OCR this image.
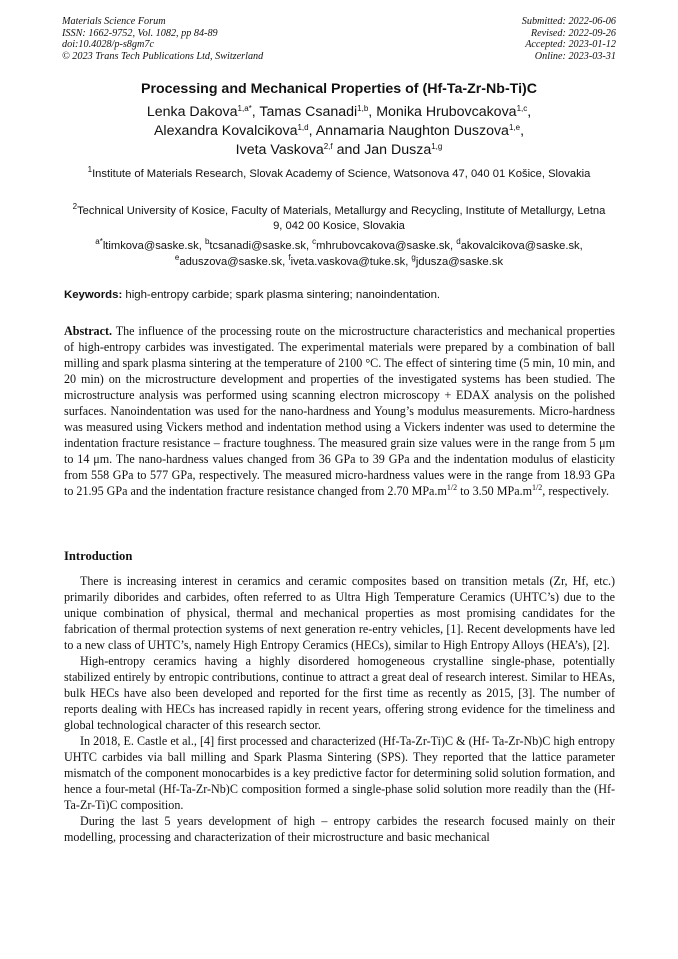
Materials Science Forum
ISSN: 1662-9752, Vol. 1082, pp 84-89
doi:10.4028/p-s8gm7c
© 2023 Trans Tech Publications Ltd, Switzerland
Submitted: 2022-06-06
Revised: 2022-09-26
Accepted: 2023-01-12
Online: 2023-03-31
Processing and Mechanical Properties of (Hf-Ta-Zr-Nb-Ti)C
Lenka Dakova$^{1,a*}$, Tamas Csanadi$^{1,b}$, Monika Hrubovcakova$^{1,c}$,
Alexandra Kovalcikova$^{1,d}$, Annamaria Naughton Duszova$^{1,e}$,
Iveta Vaskova$^{2,f}$ and Jan Dusza$^{1,g}$
$^1$Institute of Materials Research, Slovak Academy of Science, Watsonova 47, 040 01 Košice, Slovakia
$^2$Technical University of Kosice, Faculty of Materials, Metallurgy and Recycling, Institute of Metallurgy, Letna 9, 042 00 Kosice, Slovakia
$^{a*}$ltimkova@saske.sk, $^b$tcsanadi@saske.sk, $^c$mhrubovcakova@saske.sk, $^d$akovalcikova@saske.sk,
$^e$aduszova@saske.sk, $^f$iveta.vaskova@tuke.sk, $^g$jdusza@saske.sk
Keywords: high-entropy carbide; spark plasma sintering; nanoindentation.
Abstract. The influence of the processing route on the microstructure characteristics and mechanical properties of high-entropy carbides was investigated. The experimental materials were prepared by a combination of ball milling and spark plasma sintering at the temperature of 2100 °C. The effect of sintering time (5 min, 10 min, and 20 min) on the microstructure development and properties of the investigated systems has been studied. The microstructure analysis was performed using scanning electron microscopy + EDAX analysis on the polished surfaces. Nanoindentation was used for the nano-hardness and Young’s modulus measurements. Micro-hardness was measured using Vickers method and indentation method using a Vickers indenter was used to determine the indentation fracture resistance – fracture toughness. The measured grain size values were in the range from 5 μm to 14 μm. The nano-hardness values changed from 36 GPa to 39 GPa and the indentation modulus of elasticity from 558 GPa to 577 GPa, respectively. The measured micro-hardness values were in the range from 18.93 GPa to 21.95 GPa and the indentation fracture resistance changed from 2.70 $MPa.m^{1/2}$ to 3.50 $MPa.m^{1/2}$, respectively.
Introduction

There is increasing interest in ceramics and ceramic composites based on transition metals (Zr, Hf, etc.) primarily diborides and carbides, often referred to as Ultra High Temperature Ceramics (UHTC’s) due to the unique combination of physical, thermal and mechanical properties as most promising candidates for the fabrication of thermal protection systems of next generation re-entry vehicles, [1]. Recent developments have led to a new class of UHTC’s, namely High Entropy Ceramics (HECs), similar to High Entropy Alloys (HEA’s), [2].

High-entropy ceramics having a highly disordered homogeneous crystalline single-phase, potentially stabilized entirely by entropic contributions, continue to attract a great deal of research interest. Similar to HEAs, bulk HECs have also been developed and reported for the first time as recently as 2015, [3]. The number of reports dealing with HECs has increased rapidly in recent years, offering strong evidence for the timeliness and global technological character of this research sector.

In 2018, E. Castle et al., [4] first processed and characterized (Hf-Ta-Zr-Ti)C & (Hf- Ta-Zr-Nb)C high entropy UHTC carbides via ball milling and Spark Plasma Sintering (SPS). They reported that the lattice parameter mismatch of the component monocarbides is a key predictive factor for determining solid solution formation, and hence a four-metal (Hf-Ta-Zr-Nb)C composition formed a single-phase solid solution more readily than the (Hf-Ta-Zr-Ti)C composition.

During the last 5 years development of high – entropy carbides the research focused mainly on their modelling, processing and characterization of their microstructure and basic mechanical
